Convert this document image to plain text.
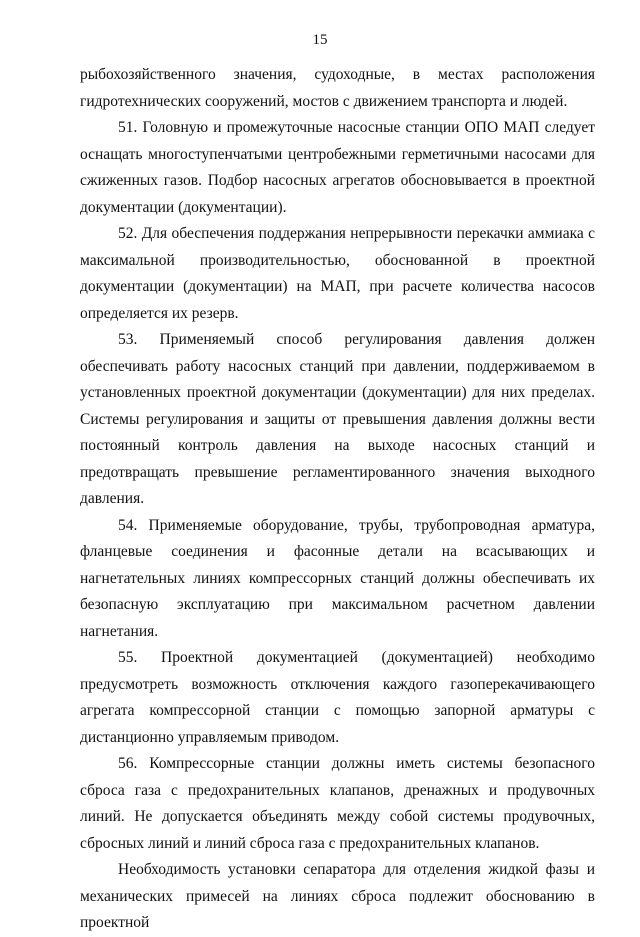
15

рыбохозяйственного значения, судоходные, в местах расположения гидротехнических сооружений, мостов с движением транспорта и людей.

51. Головную и промежуточные насосные станции ОПО МАП следует оснащать многоступенчатыми центробежными герметичными насосами для сжиженных газов. Подбор насосных агрегатов обосновывается в проектной документации (документации).

52. Для обеспечения поддержания непрерывности перекачки аммиака с максимальной производительностью, обоснованной в проектной документации (документации) на МАП, при расчете количества насосов определяется их резерв.

53. Применяемый способ регулирования давления должен обеспечивать работу насосных станций при давлении, поддерживаемом в установленных проектной документации (документации) для них пределах. Системы регулирования и защиты от превышения давления должны вести постоянный контроль давления на выходе насосных станций и предотвращать превышение регламентированного значения выходного давления.

54. Применяемые оборудование, трубы, трубопроводная арматура, фланцевые соединения и фасонные детали на всасывающих и нагнетательных линиях компрессорных станций должны обеспечивать их безопасную эксплуатацию при максимальном расчетном давлении нагнетания.

55. Проектной документацией (документацией) необходимо предусмотреть возможность отключения каждого газоперекачивающего агрегата компрессорной станции с помощью запорной арматуры с дистанционно управляемым приводом.

56. Компрессорные станции должны иметь системы безопасного сброса газа с предохранительных клапанов, дренажных и продувочных линий. Не допускается объединять между собой системы продувочных, сбросных линий и линий сброса газа с предохранительных клапанов.

Необходимость установки сепаратора для отделения жидкой фазы и механических примесей на линиях сброса подлежит обоснованию в проектной
